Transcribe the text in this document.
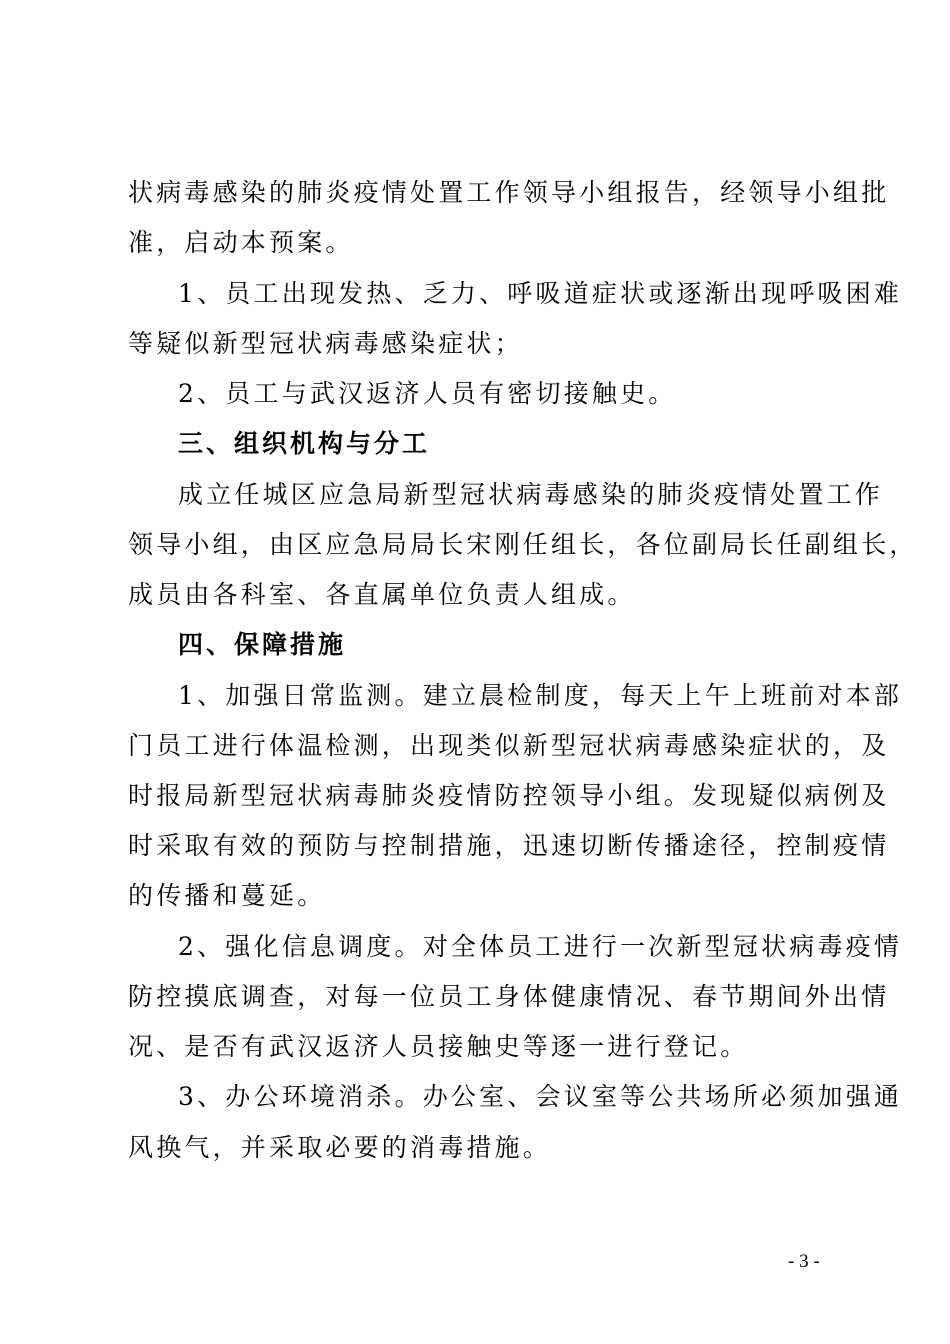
状病毒感染的肺炎疫情处置工作领导小组报告，经领导小组批
准，启动本预案。
1、员工出现发热、乏力、呼吸道症状或逐渐出现呼吸困难
等疑似新型冠状病毒感染症状；
2、员工与武汉返济人员有密切接触史。
三、组织机构与分工
成立任城区应急局新型冠状病毒感染的肺炎疫情处置工作
领导小组，由区应急局局长宋刚任组长，各位副局长任副组长，
成员由各科室、各直属单位负责人组成。
四、保障措施
1、加强日常监测。建立晨检制度，每天上午上班前对本部
门员工进行体温检测，出现类似新型冠状病毒感染症状的，及
时报局新型冠状病毒肺炎疫情防控领导小组。发现疑似病例及
时采取有效的预防与控制措施，迅速切断传播途径，控制疫情
的传播和蔓延。
2、强化信息调度。对全体员工进行一次新型冠状病毒疫情
防控摸底调查，对每一位员工身体健康情况、春节期间外出情
况、是否有武汉返济人员接触史等逐一进行登记。
3、办公环境消杀。办公室、会议室等公共场所必须加强通
风换气，并采取必要的消毒措施。
- 3 -
